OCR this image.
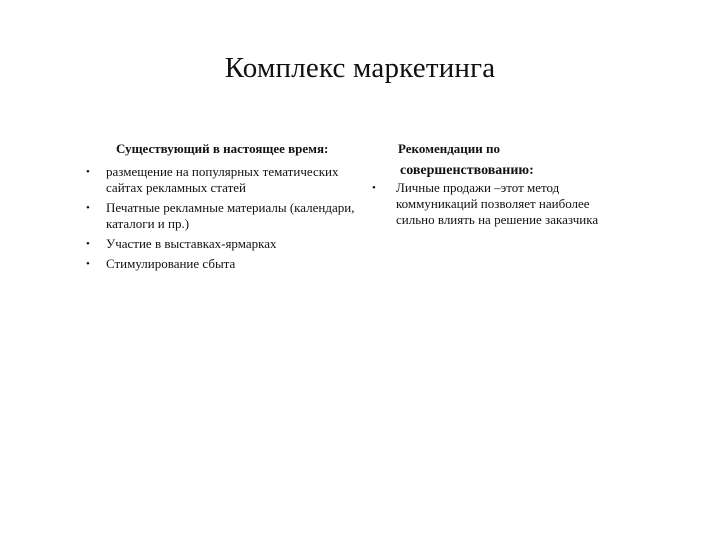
Комплекс маркетинга
Существующий в настоящее время:
• размещение на популярных тематических сайтах рекламных статей
• Печатные рекламные материалы (календари, каталоги и пр.)
• Участие в выставках-ярмарках
• Стимулирование сбыта
Рекомендации по
совершенствованию:
• Личные продажи –этот метод коммуникаций позволяет наиболее сильно влиять на решение заказчика
